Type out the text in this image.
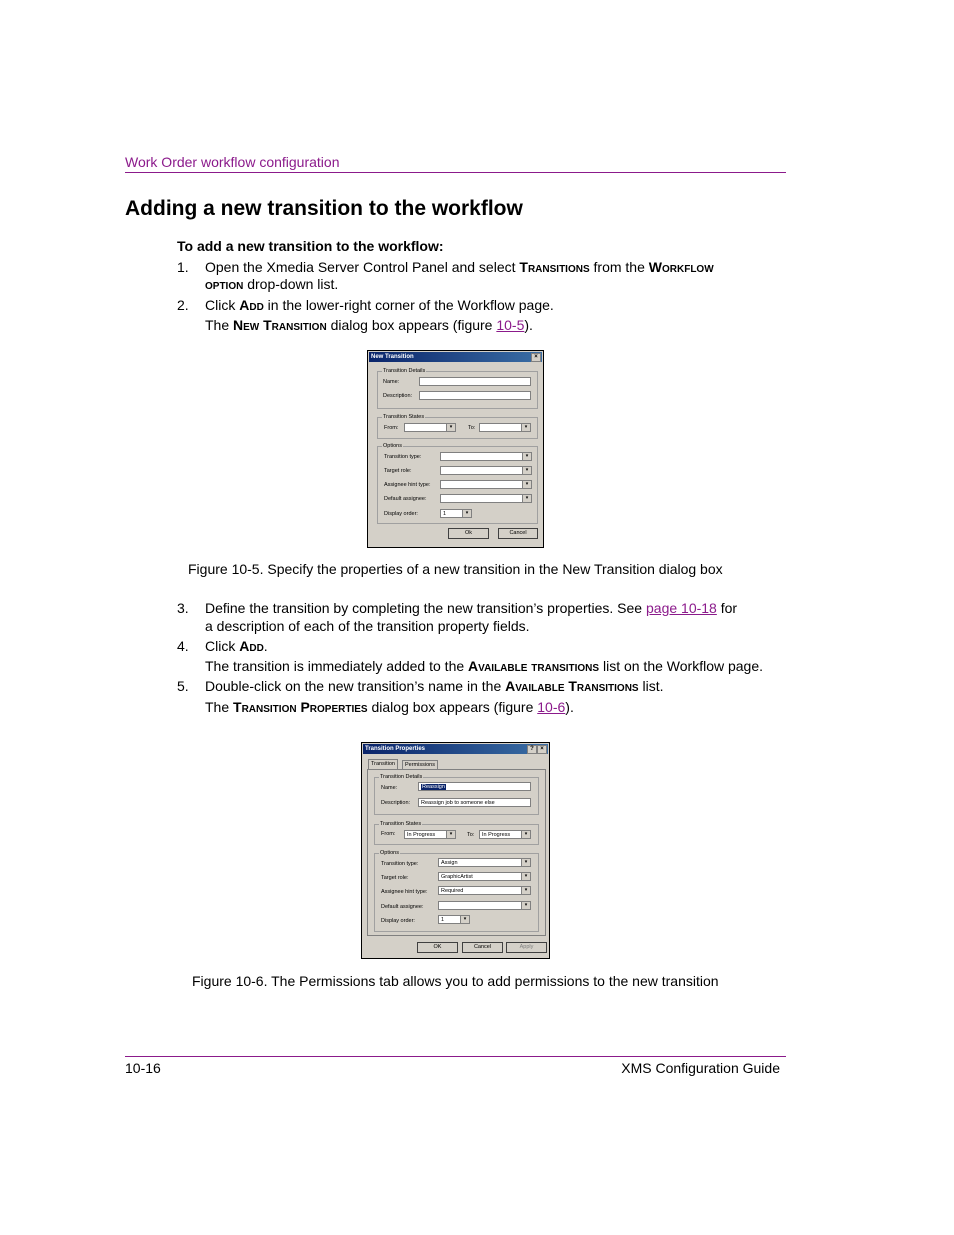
Work Order workflow configuration
Adding a new transition to the workflow
To add a new transition to the workflow:
1. Open the Xmedia Server Control Panel and select Transitions from the Workflow
option drop-down list.
2. Click Add in the lower-right corner of the Workflow page.
The New Transition dialog box appears (figure 10-5).
New Transition	×
Transition Details
Name:
Description:
Transition States
From:	▾	To:	▾
Options
Transition type:	▾
Target role:	▾
Assignee hint type:	▾
Default assignee:	▾
Display order:	1	▾
Ok	Cancel
Figure 10-5. Specify the properties of a new transition in the New Transition dialog box
3. Define the transition by completing the new transition’s properties. See page 10-18 for
a description of each of the transition property fields.
4. Click Add.
The transition is immediately added to the Available transitions list on the Workflow page.
5. Double-click on the new transition’s name in the Available Transitions list.
The Transition Properties dialog box appears (figure 10-6).
Transition Properties	?	×
Transition	Permissions
Transition Details
Name:	Reassign
Description:	Reassign job to someone else
Transition States
From:	In Progress	▾	To:	In Progress	▾
Options
Transition type:	Assign	▾
Target role:	GraphicArtist	▾
Assignee hint type:	Required	▾
Default assignee:	▾
Display order:	1	▾
OK	Cancel	Apply
Figure 10-6. The Permissions tab allows you to add permissions to the new transition
10-16	XMS Configuration Guide
